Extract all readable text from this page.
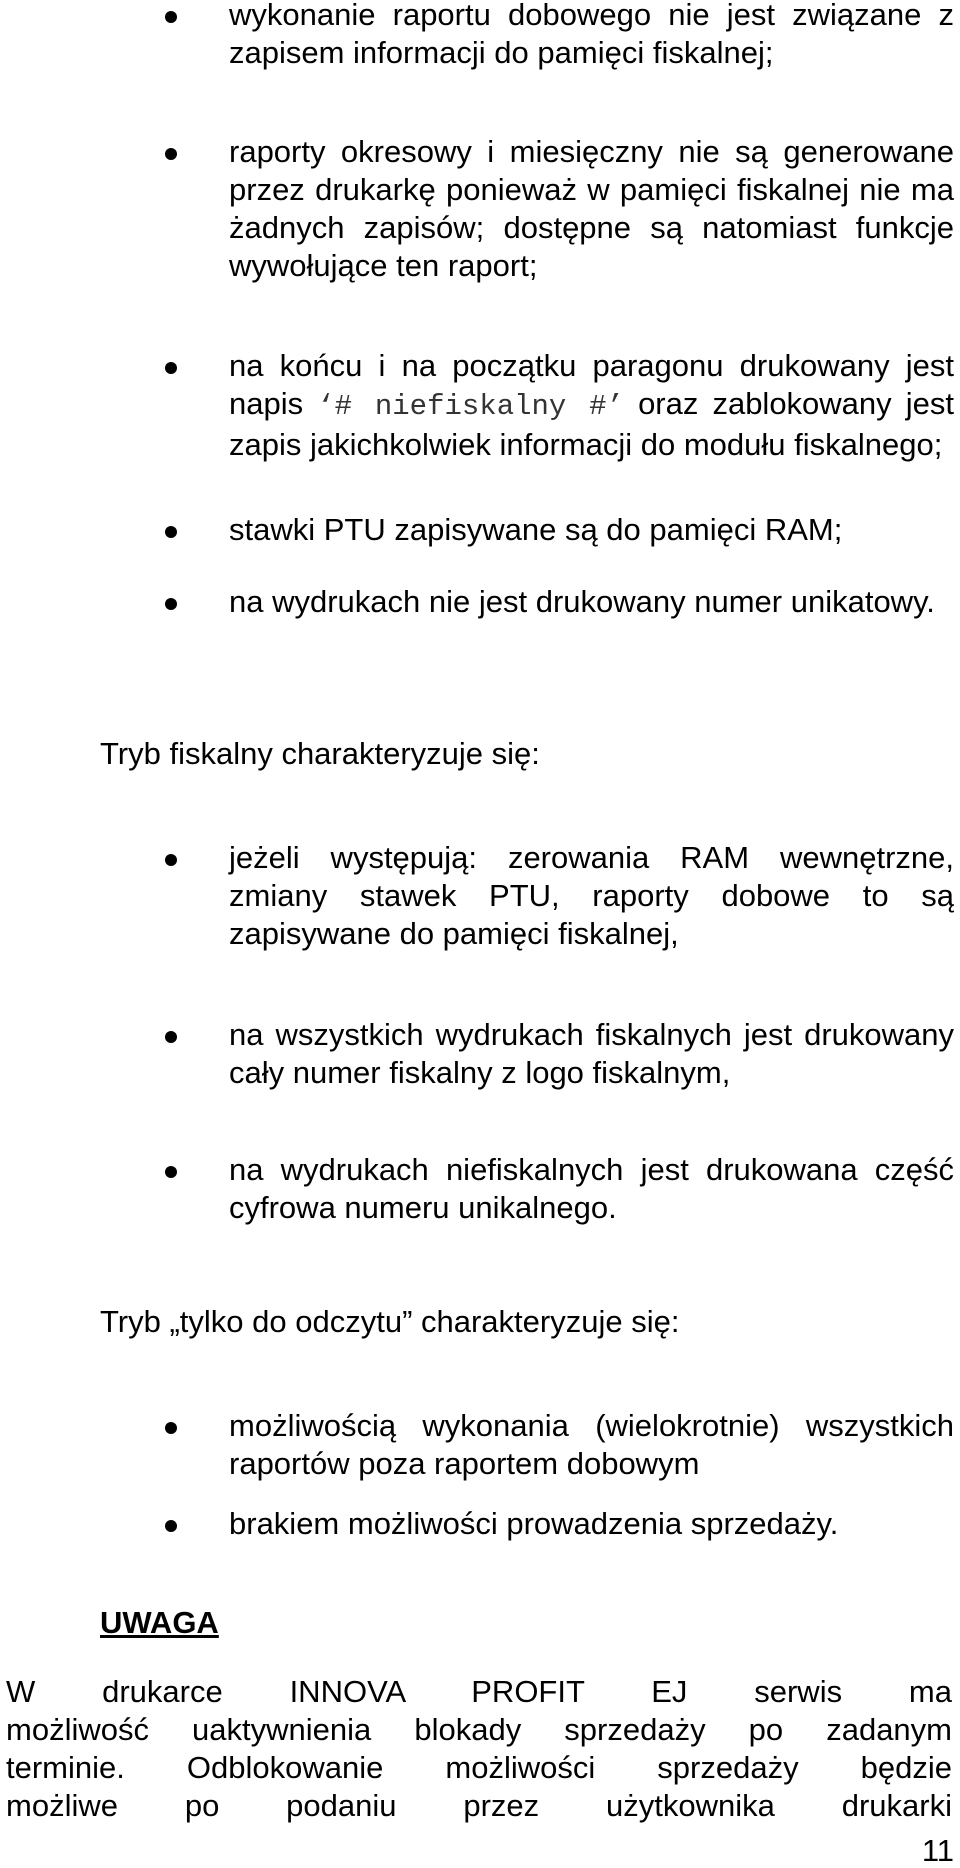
wykonanie raportu dobowego nie jest związane z zapisem informacji do pamięci fiskalnej;
raporty okresowy i miesięczny nie są generowane przez drukarkę ponieważ w pamięci fiskalnej nie ma żadnych zapisów; dostępne są natomiast funkcje wywołujące ten raport;
na końcu i na początku paragonu drukowany jest napis ‘# niefiskalny #’ oraz zablokowany jest zapis jakichkolwiek informacji do modułu fiskalnego;
stawki PTU zapisywane są do pamięci RAM;
na wydrukach nie jest drukowany numer unikatowy.
Tryb fiskalny charakteryzuje się:
jeżeli występują: zerowania RAM wewnętrzne, zmiany stawek PTU, raporty dobowe to są zapisywane do pamięci fiskalnej,
na wszystkich wydrukach fiskalnych jest drukowany cały numer fiskalny z logo fiskalnym,
na wydrukach niefiskalnych jest drukowana część cyfrowa numeru unikalnego.
Tryb „tylko do odczytu” charakteryzuje się:
możliwością wykonania (wielokrotnie) wszystkich raportów poza raportem dobowym
brakiem możliwości prowadzenia sprzedaży.
UWAGA
W drukarce INNOVA PROFIT EJ serwis ma
możliwość uaktywnienia blokady sprzedaży po zadanym
terminie. Odblokowanie możliwości sprzedaży będzie
możliwe po podaniu przez użytkownika drukarki
11
